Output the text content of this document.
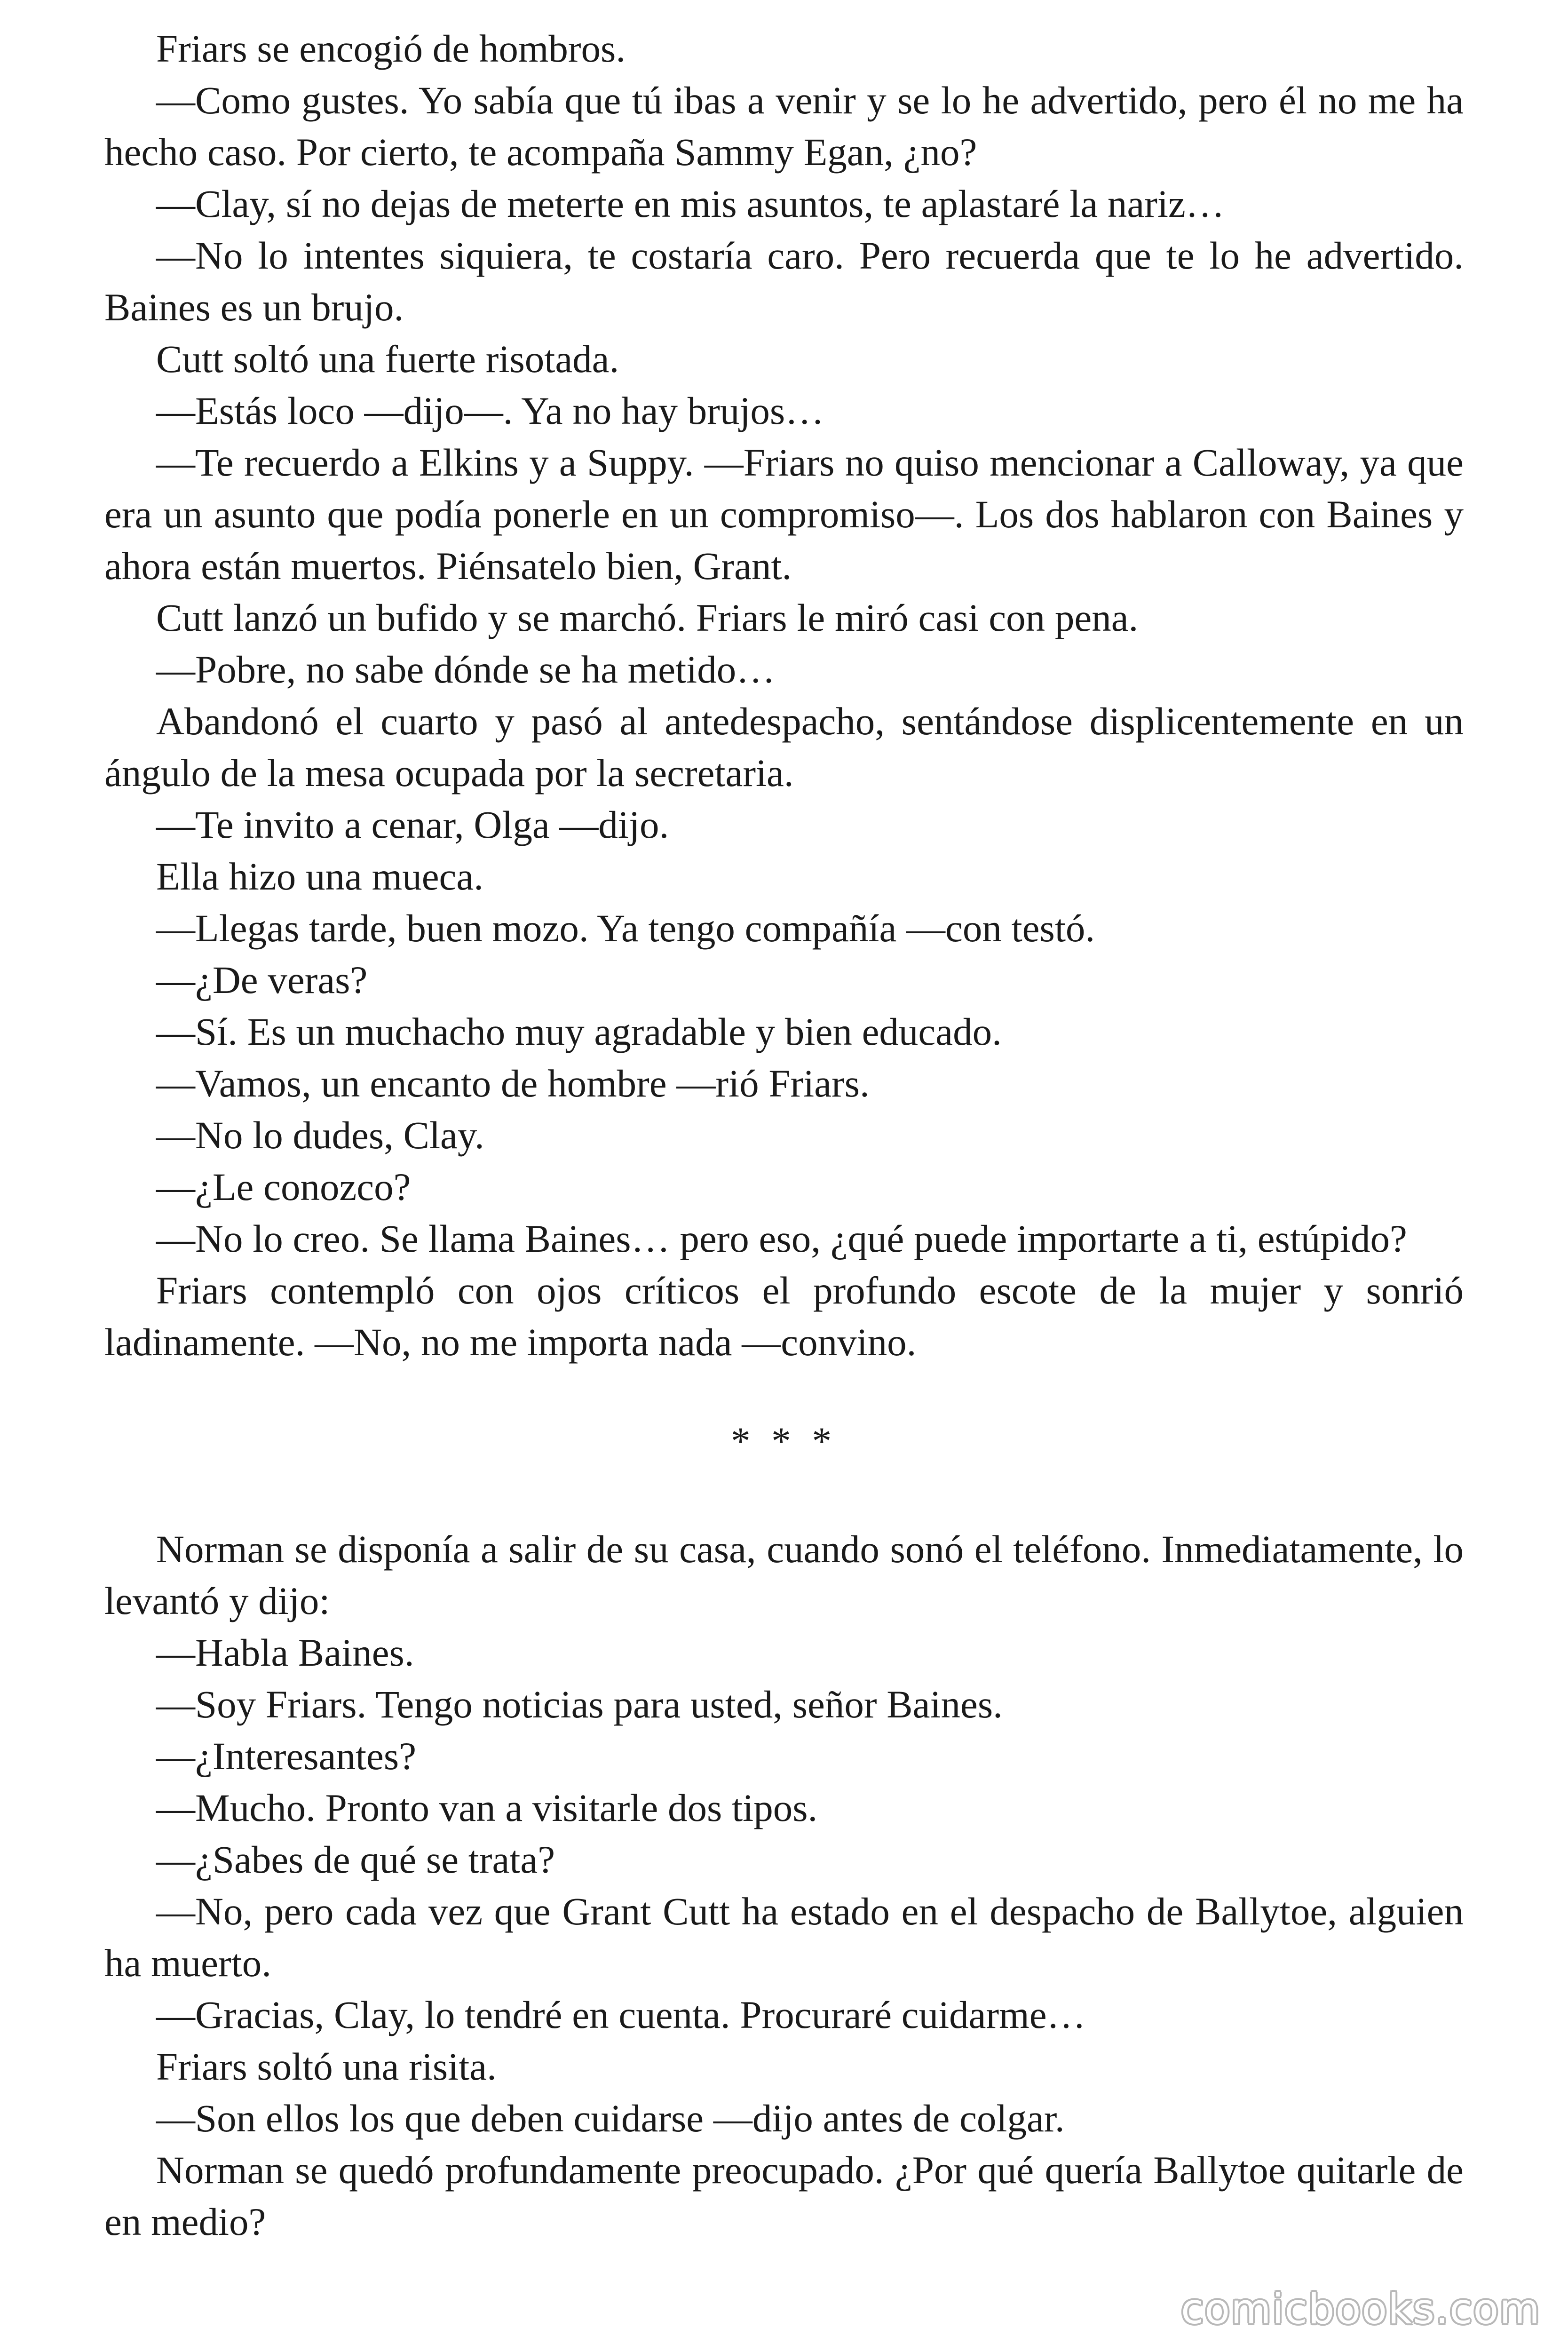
Friars se encogió de hombros.

—Como gustes. Yo sabía que tú ibas a venir y se lo he advertido, pero él no me ha hecho caso. Por cierto, te acompaña Sammy Egan, ¿no?

—Clay, sí no dejas de meterte en mis asuntos, te aplastaré la nariz…

—No lo intentes siquiera, te costaría caro. Pero recuerda que te lo he advertido. Baines es un brujo.

Cutt soltó una fuerte risotada.

—Estás loco —dijo—. Ya no hay brujos…

—Te recuerdo a Elkins y a Suppy. —Friars no quiso mencionar a Calloway, ya que era un asunto que podía ponerle en un compromiso—. Los dos hablaron con Baines y ahora están muertos. Piénsatelo bien, Grant.

Cutt lanzó un bufido y se marchó. Friars le miró casi con pena.

—Pobre, no sabe dónde se ha metido…

Abandonó el cuarto y pasó al antedespacho, sentándose displicentemente en un ángulo de la mesa ocupada por la secretaria.

—Te invito a cenar, Olga —dijo.

Ella hizo una mueca.

—Llegas tarde, buen mozo. Ya tengo compañía —con testó.

—¿De veras?

—Sí. Es un muchacho muy agradable y bien educado.

—Vamos, un encanto de hombre —rió Friars.

—No lo dudes, Clay.

—¿Le conozco?

—No lo creo. Se llama Baines… pero eso, ¿qué puede importarte a ti, estúpido?

Friars contempló con ojos críticos el profundo escote de la mujer y sonrió ladinamente. —No, no me importa nada —convino.

* * *

Norman se disponía a salir de su casa, cuando sonó el teléfono. Inmediatamente, lo levantó y dijo:

—Habla Baines.

—Soy Friars. Tengo noticias para usted, señor Baines.

—¿Interesantes?

—Mucho. Pronto van a visitarle dos tipos.

—¿Sabes de qué se trata?

—No, pero cada vez que Grant Cutt ha estado en el despacho de Ballytoe, alguien ha muerto.

—Gracias, Clay, lo tendré en cuenta. Procuraré cuidarme…

Friars soltó una risita.

—Son ellos los que deben cuidarse —dijo antes de colgar.

Norman se quedó profundamente preocupado. ¿Por qué quería Ballytoe quitarle de en medio?

comicbooks.com
